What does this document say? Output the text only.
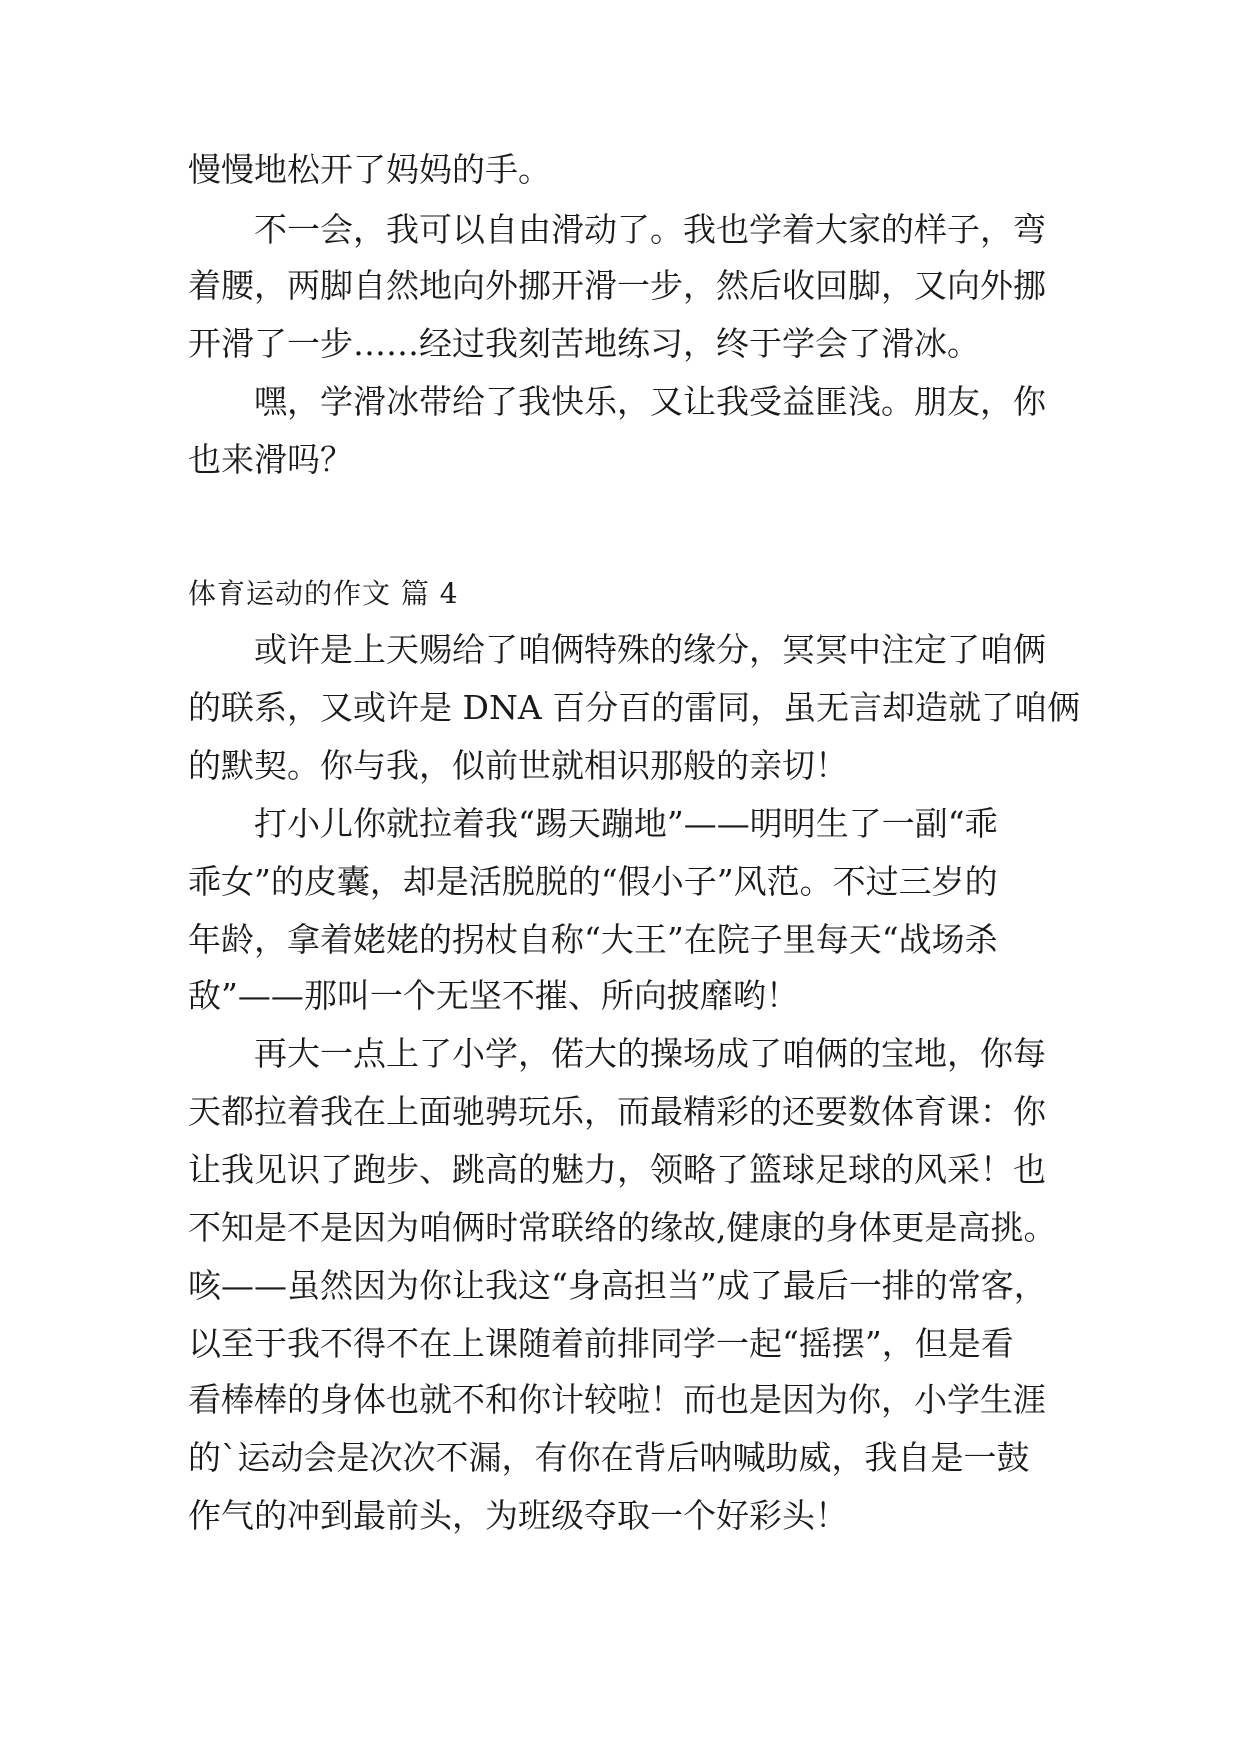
慢慢地松开了妈妈的手。
不一会，我可以自由滑动了。我也学着大家的样子，弯
着腰，两脚自然地向外挪开滑一步，然后收回脚，又向外挪
开滑了一步……经过我刻苦地练习，终于学会了滑冰。
嘿，学滑冰带给了我快乐，又让我受益匪浅。朋友，你
也来滑吗？
体育运动的作文 篇 4
或许是上天赐给了咱俩特殊的缘分，冥冥中注定了咱俩
的联系，又或许是 DNA 百分百的雷同，虽无言却造就了咱俩
的默契。你与我，似前世就相识那般的亲切！
打小儿你就拉着我“踢天蹦地”——明明生了一副“乖
乖女”的皮囊，却是活脱脱的“假小子”风范。不过三岁的
年龄，拿着姥姥的拐杖自称“大王”在院子里每天“战场杀
敌”——那叫一个无坚不摧、所向披靡哟！
再大一点上了小学，偌大的操场成了咱俩的宝地，你每
天都拉着我在上面驰骋玩乐，而最精彩的还要数体育课：你
让我见识了跑步、跳高的魅力，领略了篮球足球的风采！也
不知是不是因为咱俩时常联络的缘故,健康的身体更是高挑。
咳——虽然因为你让我这“身高担当”成了最后一排的常客，
以至于我不得不在上课随着前排同学一起“摇摆”，但是看
看棒棒的身体也就不和你计较啦！而也是因为你，小学生涯
的`运动会是次次不漏，有你在背后呐喊助威，我自是一鼓
作气的冲到最前头，为班级夺取一个好彩头！
